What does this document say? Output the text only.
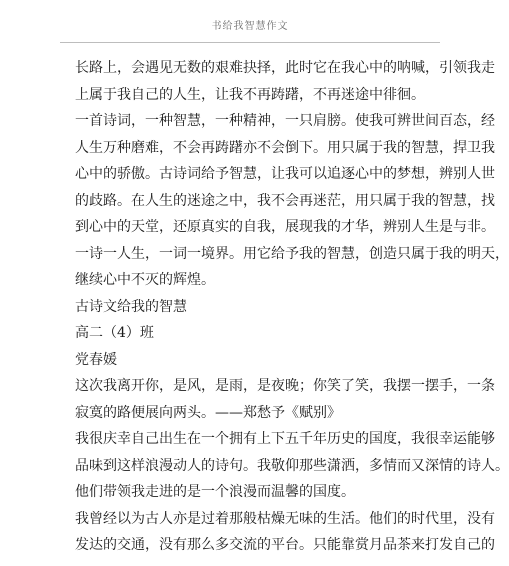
书给我智慧作文
长路上，会遇见无数的艰难抉择，此时它在我心中的呐喊，引领我走
上属于我自己的人生，让我不再踌躇，不再迷途中徘徊。
一首诗词，一种智慧，一种精神，一只肩膀。使我可辨世间百态，经
人生万种磨难，不会再踌躇亦不会倒下。用只属于我的智慧，捍卫我
心中的骄傲。古诗词给予智慧，让我可以追逐心中的梦想，辨别人世
的歧路。在人生的迷途之中，我不会再迷茫，用只属于我的智慧，找
到心中的天堂，还原真实的自我，展现我的才华，辨别人生是与非。
一诗一人生，一词一境界。用它给予我的智慧，创造只属于我的明天，
继续心中不灭的辉煌。
古诗文给我的智慧
高二（4）班
党春媛
这次我离开你，是风，是雨，是夜晚；你笑了笑，我摆一摆手，一条
寂寞的路便展向两头。——郑愁予《赋别》
我很庆幸自己出生在一个拥有上下五千年历史的国度，我很幸运能够
品味到这样浪漫动人的诗句。我敬仰那些潇洒，多情而又深情的诗人。
他们带领我走进的是一个浪漫而温馨的国度。
我曾经以为古人亦是过着那般枯燥无味的生活。他们的时代里，没有
发达的交通，没有那么多交流的平台。只能靠赏月品茶来打发自己的
